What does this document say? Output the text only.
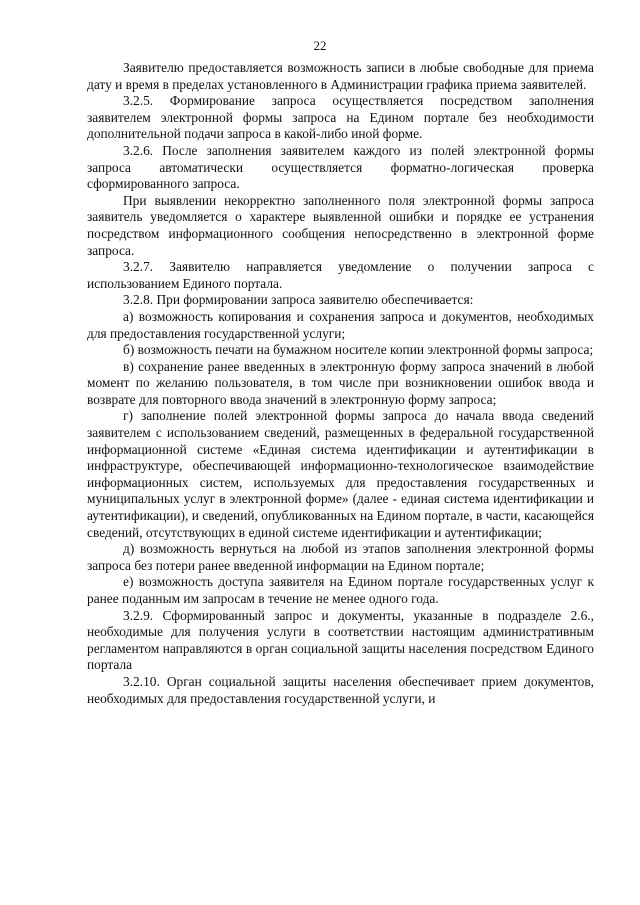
22

Заявителю предоставляется возможность записи в любые свободные для приема дату и время в пределах установленного в Администрации графика приема заявителей.

3.2.5. Формирование запроса осуществляется посредством заполнения заявителем электронной формы запроса на Едином портале без необходимости дополнительной подачи запроса в какой-либо иной форме.

3.2.6. После заполнения заявителем каждого из полей электронной формы запроса автоматически осуществляется форматно-логическая проверка сформированного запроса.

При выявлении некорректно заполненного поля электронной формы запроса заявитель уведомляется о характере выявленной ошибки и порядке ее устранения посредством информационного сообщения непосредственно в электронной форме запроса.

3.2.7. Заявителю направляется уведомление о получении запроса с использованием Единого портала.

3.2.8. При формировании запроса заявителю обеспечивается:

а) возможность копирования и сохранения запроса и документов, необходимых для предоставления государственной услуги;

б) возможность печати на бумажном носителе копии электронной формы запроса;

в) сохранение ранее введенных в электронную форму запроса значений в любой момент по желанию пользователя, в том числе при возникновении ошибок ввода и возврате для повторного ввода значений в электронную форму запроса;

г) заполнение полей электронной формы запроса до начала ввода сведений заявителем с использованием сведений, размещенных в федеральной государственной информационной системе «Единая система идентификации и аутентификации в инфраструктуре, обеспечивающей информационно-технологическое взаимодействие информационных систем, используемых для предоставления государственных и муниципальных услуг в электронной форме» (далее - единая система идентификации и аутентификации), и сведений, опубликованных на Едином портале, в части, касающейся сведений, отсутствующих в единой системе идентификации и аутентификации;

д) возможность вернуться на любой из этапов заполнения электронной формы запроса без потери ранее введенной информации на Едином портале;

е) возможность доступа заявителя на Едином портале государственных услуг к ранее поданным им запросам в течение не менее одного года.

3.2.9. Сформированный запрос и документы, указанные в подразделе 2.6., необходимые для получения услуги в соответствии настоящим административным регламентом направляются в орган социальной защиты населения посредством Единого портала

3.2.10. Орган социальной защиты населения обеспечивает прием документов, необходимых для предоставления государственной услуги, и
